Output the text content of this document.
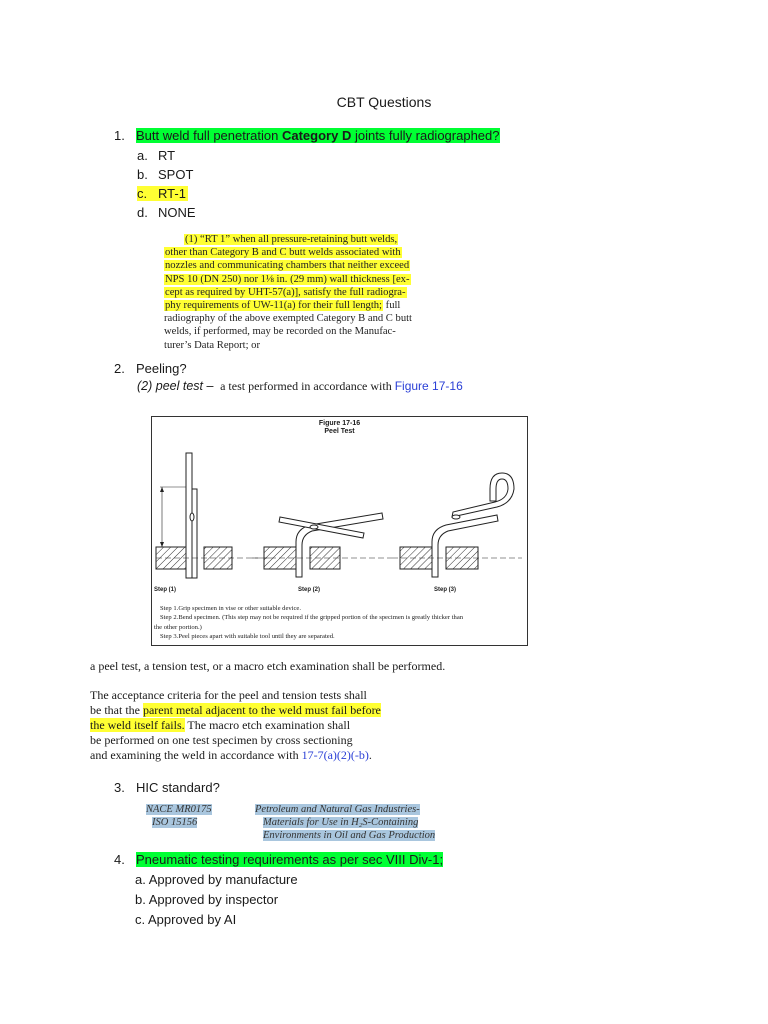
CBT Questions
1. Butt weld full penetration Category D joints fully radiographed?
a. RT
b. SPOT
c. RT-1
d. NONE
(1) “RT 1” when all pressure-retaining butt welds,
other than Category B and C butt welds associated with
nozzles and communicating chambers that neither exceed
NPS 10 (DN 250) nor 1⅛ in. (29 mm) wall thickness [ex-
cept as required by UHT-57(a)], satisfy the full radiogra-
phy requirements of UW-11(a) for their full length; full
radiography of the above exempted Category B and C butt
welds, if performed, may be recorded on the Manufac-
turer’s Data Report; or
2. Peeling?
(2) peel test – a test performed in accordance with Figure 17-16
Figure 17-16
Peel Test
Step (1)	Step (2)	Step (3)
Step 1.Grip specimen in vise or other suitable device.
Step 2.Bend specimen. (This step may not be required if the gripped portion of the specimen is greatly thicker than
the other portion.)
Step 3.Peel pieces apart with suitable tool until they are separated.
a peel test, a tension test, or a macro etch examination shall be performed.
The acceptance criteria for the peel and tension tests shall
be that the parent metal adjacent to the weld must fail before
the weld itself fails. The macro etch examination shall
be performed on one test specimen by cross sectioning
and examining the weld in accordance with 17-7(a)(2)(-b).
3. HIC standard?
NACE MR0175
ISO 15156
Petroleum and Natural Gas Industries-
Materials for Use in H₂S-Containing
Environments in Oil and Gas Production
4. Pneumatic testing requirements as per sec VIII Div-1;
a. Approved by manufacture
b. Approved by inspector
c. Approved by AI
